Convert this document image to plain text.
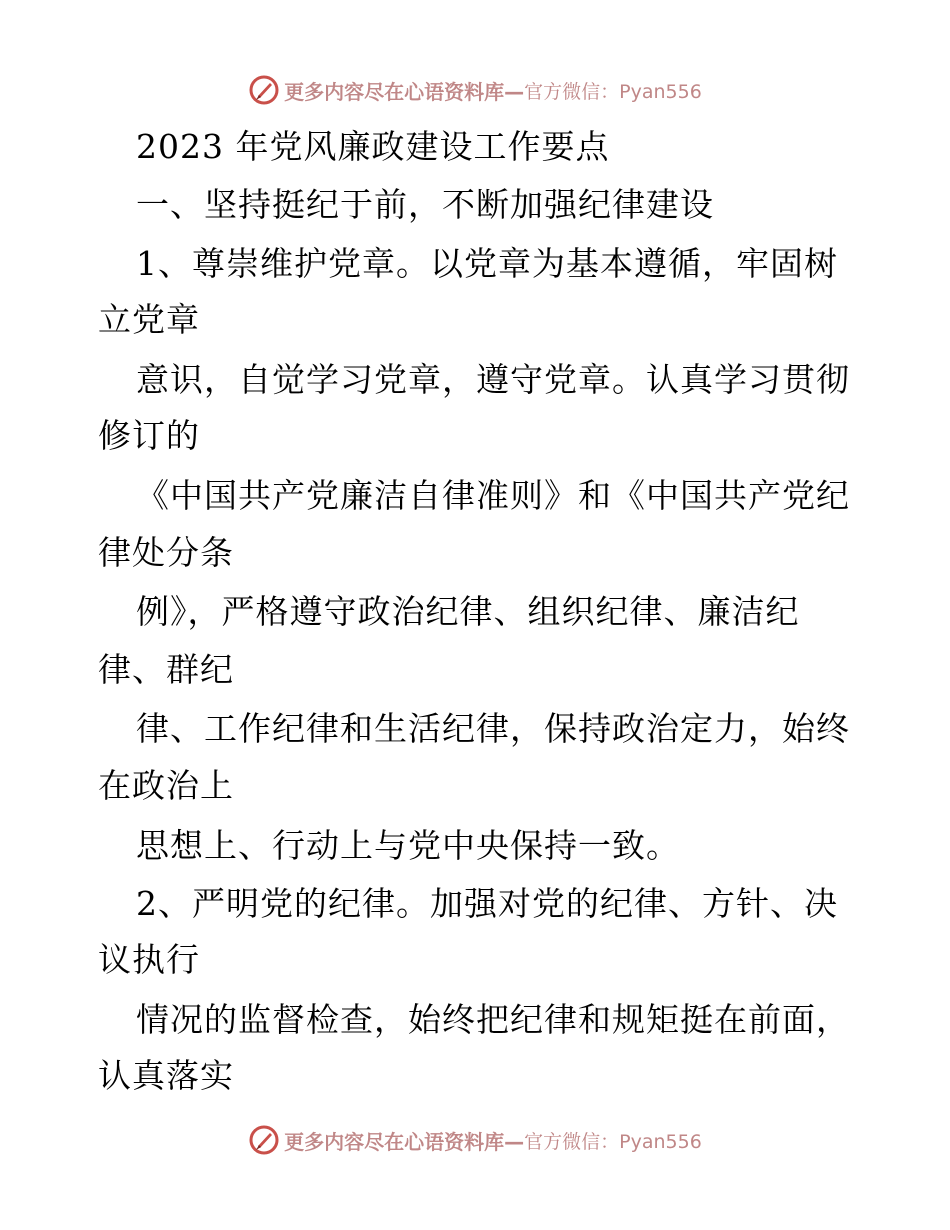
更多内容尽在心语资料库— 官方微信：Pyan556
2023 年党风廉政建设工作要点
一、坚持挺纪于前，不断加强纪律建设
1、尊崇维护党章。以党章为基本遵循，牢固树
立党章
意识，自觉学习党章，遵守党章。认真学习贯彻
修订的
《中国共产党廉洁自律准则》和《中国共产党纪
律处分条
例》，严格遵守政治纪律、组织纪律、廉洁纪
律、群纪
律、工作纪律和生活纪律，保持政治定力，始终
在政治上
思想上、行动上与党中央保持一致。
2、严明党的纪律。加强对党的纪律、方针、决
议执行
情况的监督检查，始终把纪律和规矩挺在前面，
认真落实
更多内容尽在心语资料库— 官方微信：Pyan556
